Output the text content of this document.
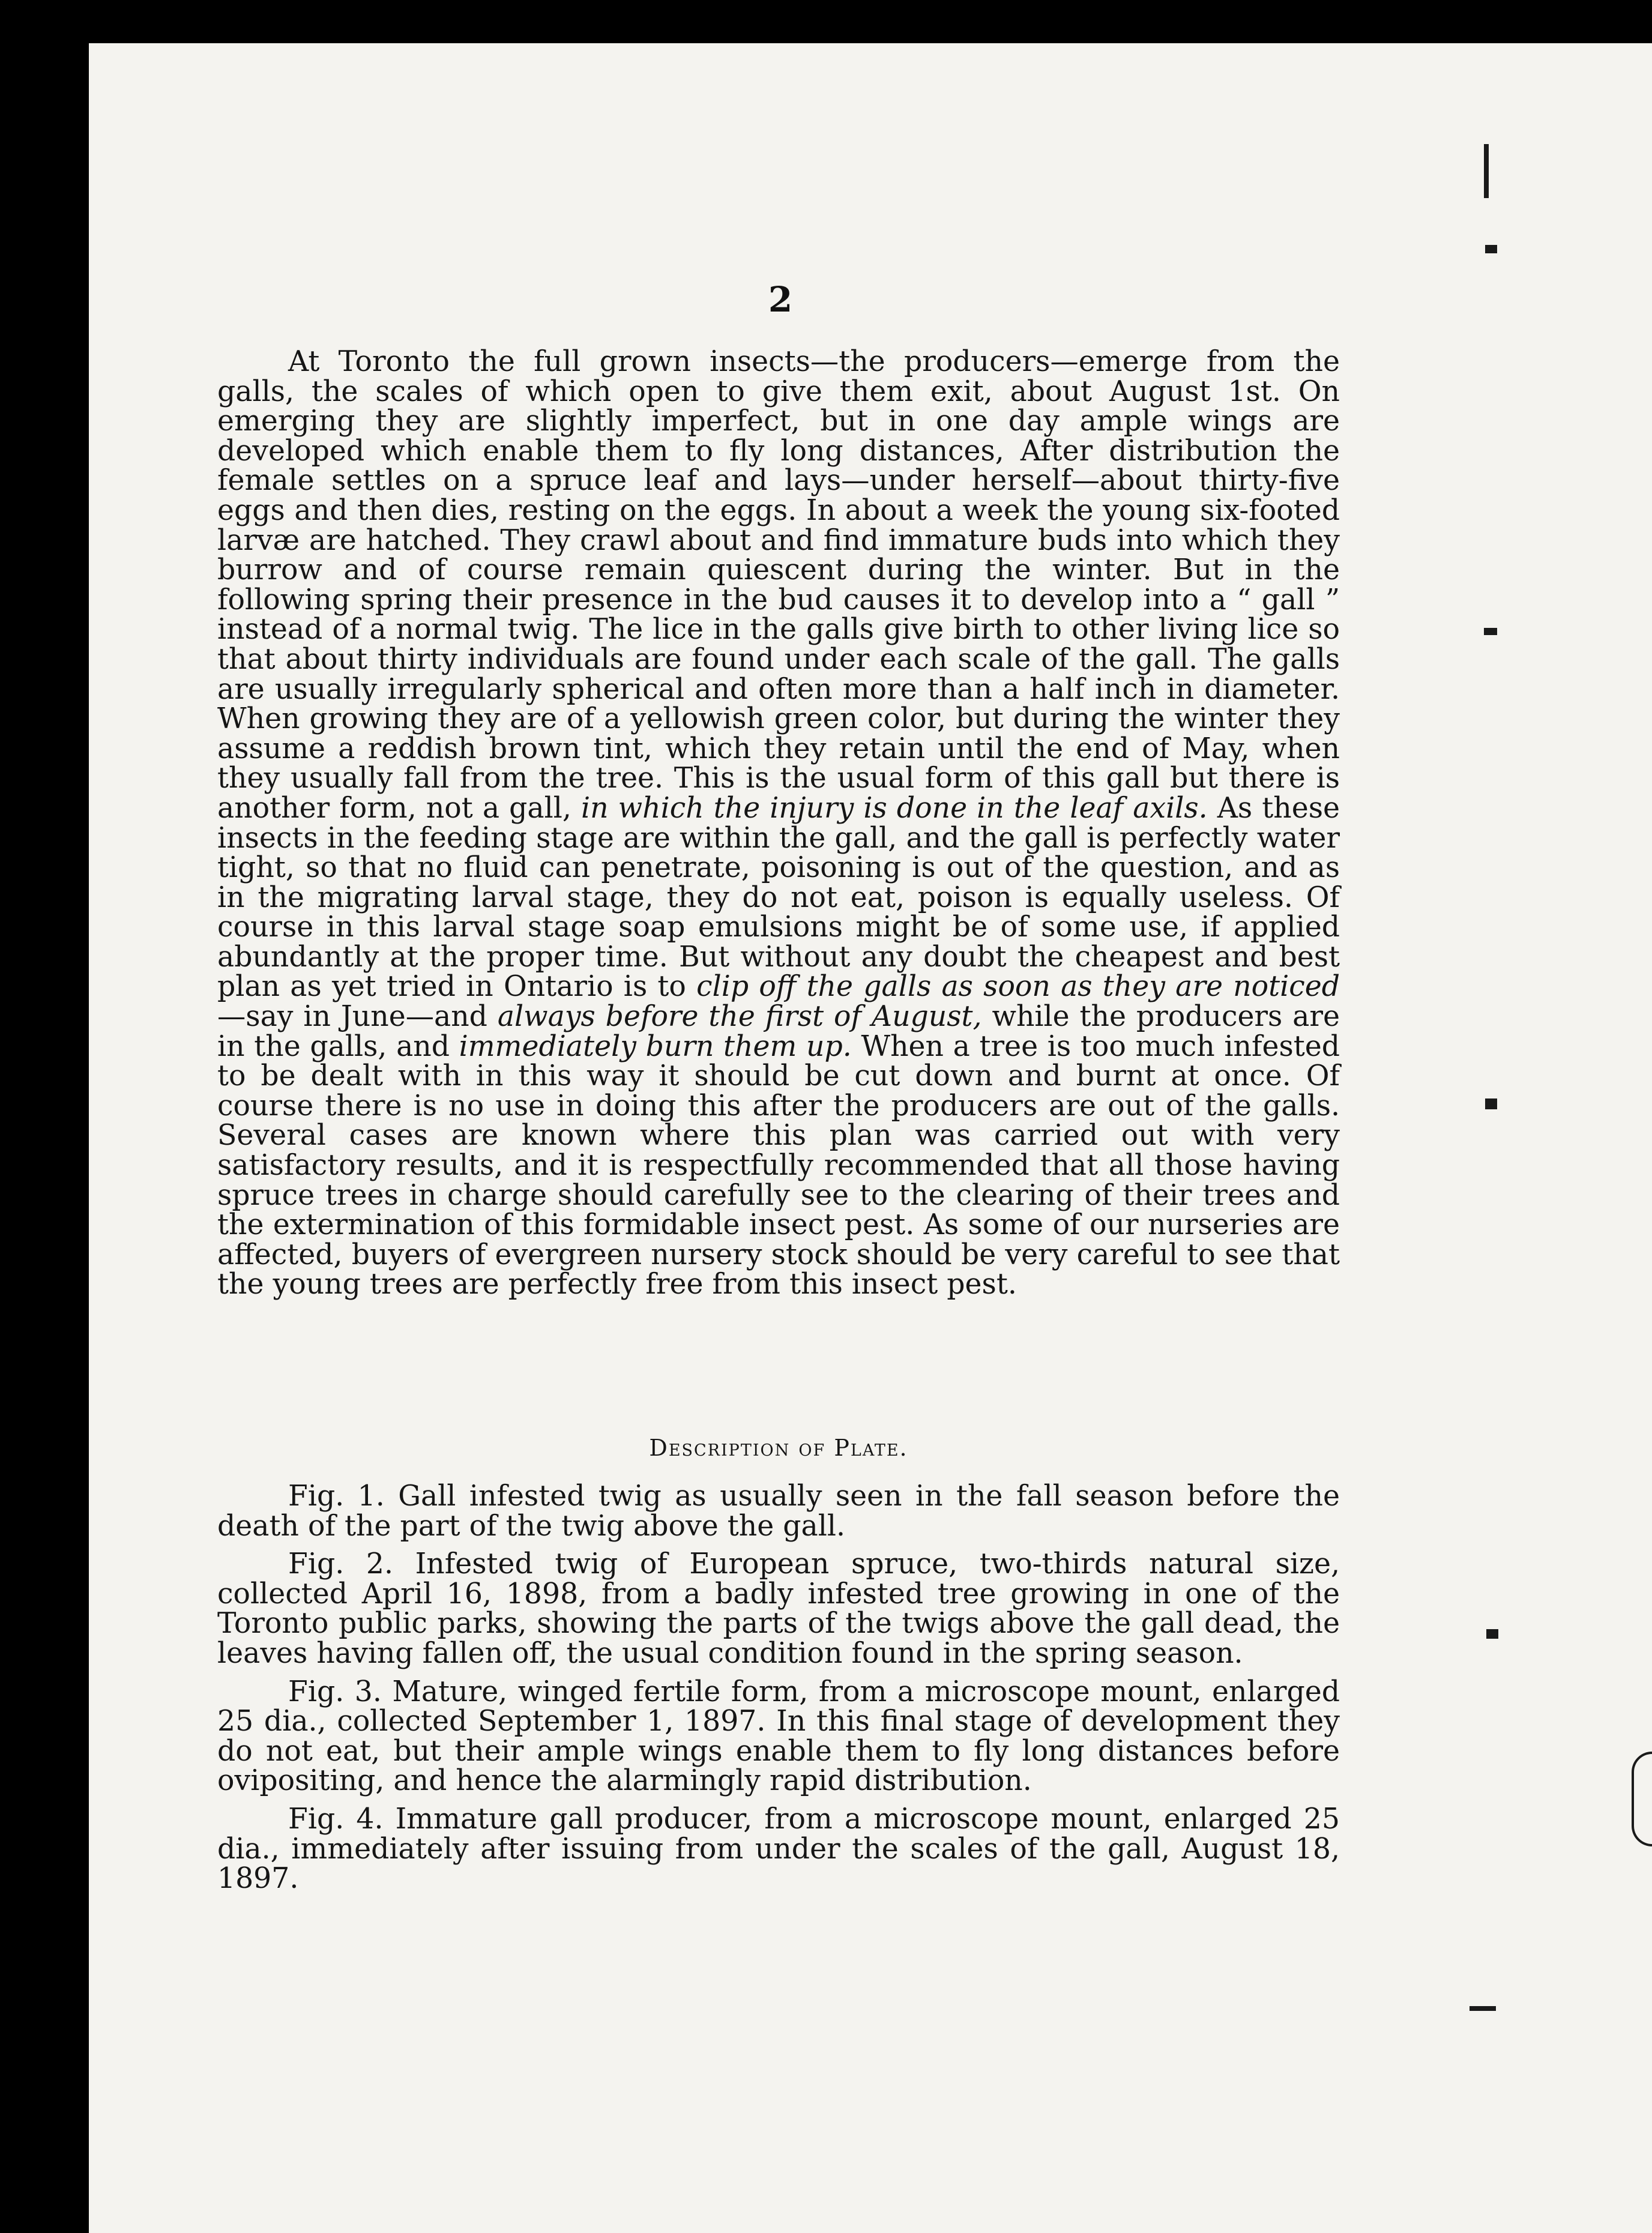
2

At Toronto the full grown insects—the producers—emerge from the galls, the scales of which open to give them exit, about August 1st. On emerging they are slightly imperfect, but in one day ample wings are developed which enable them to fly long distances, After distribution the female settles on a spruce leaf and lays—under herself—about thirty-five eggs and then dies, resting on the eggs. In about a week the young six-footed larvæ are hatched. They crawl about and find immature buds into which they burrow and of course remain quiescent during the winter. But in the following spring their presence in the bud causes it to develop into a “ gall ” instead of a normal twig. The lice in the galls give birth to other living lice so that about thirty individuals are found under each scale of the gall. The galls are usually irregularly spherical and often more than a half inch in diameter. When growing they are of a yellowish green color, but during the winter they assume a reddish brown tint, which they retain until the end of May, when they usually fall from the tree. This is the usual form of this gall but there is another form, not a gall, in which the injury is done in the leaf axils. As these insects in the feeding stage are within the gall, and the gall is perfectly water tight, so that no fluid can penetrate, poisoning is out of the question, and as in the migrating larval stage, they do not eat, poison is equally useless. Of course in this larval stage soap emulsions might be of some use, if applied abundantly at the proper time. But without any doubt the cheapest and best plan as yet tried in Ontario is to clip off the galls as soon as they are noticed—say in June—and always before the first of August, while the producers are in the galls, and immediately burn them up. When a tree is too much infested to be dealt with in this way it should be cut down and burnt at once. Of course there is no use in doing this after the producers are out of the galls. Several cases are known where this plan was carried out with very satisfactory results, and it is respectfully recommended that all those having spruce trees in charge should carefully see to the clearing of their trees and the extermination of this formidable insect pest. As some of our nurseries are affected, buyers of evergreen nursery stock should be very careful to see that the young trees are perfectly free from this insect pest.

Description of Plate.

Fig. 1. Gall infested twig as usually seen in the fall season before the death of the part of the twig above the gall.

Fig. 2. Infested twig of European spruce, two-thirds natural size, collected April 16, 1898, from a badly infested tree growing in one of the Toronto public parks, showing the parts of the twigs above the gall dead, the leaves having fallen off, the usual condition found in the spring season.

Fig. 3. Mature, winged fertile form, from a microscope mount, enlarged 25 dia., collected September 1, 1897. In this final stage of development they do not eat, but their ample wings enable them to fly long distances before ovipositing, and hence the alarmingly rapid distribution.

Fig. 4. Immature gall producer, from a microscope mount, enlarged 25 dia., immediately after issuing from under the scales of the gall, August 18, 1897.
